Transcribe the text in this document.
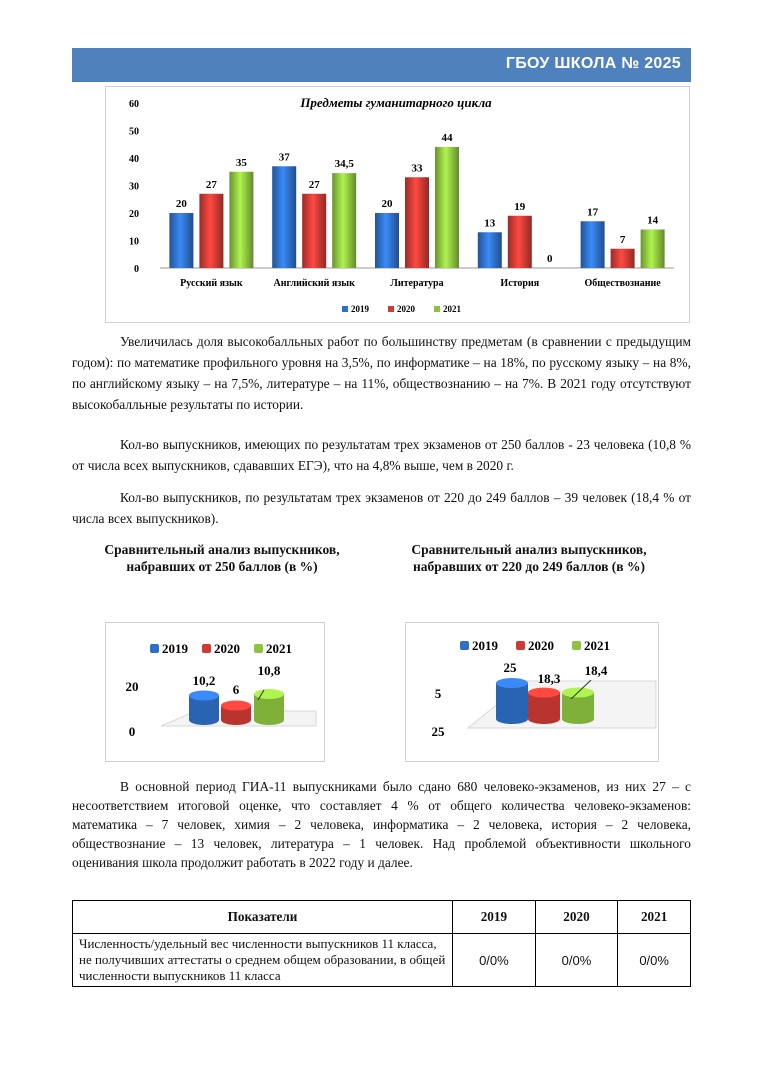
ГБОУ ШКОЛА № 2025
0
10
20
30
40
50
60	Предметы гуманитарного цикла
20
27
35
Русский язык
37
27
34,5
Английский язык
20
33
44
Литература
13
19
0
История
17
7
14
Обществознание
2019	2020	2021

Увеличилась доля высокобалльных работ по большинству предметам (в сравнении с предыдущим годом): по математике профильного уровня на 3,5%, по информатике – на 18%, по русскому языку – на 8%, по английскому языку – на 7,5%, литературе – на 11%, обществознанию – на 7%. В 2021 году отсутствуют высокобалльные результаты по истории.

Кол-во выпускников, имеющих по результатам трех экзаменов от 250 баллов - 23 человека (10,8 % от числа всех выпускников, сдававших ЕГЭ), что на 4,8% выше, чем в 2020 г.

Кол-во выпускников, по результатам трех экзаменов от 220 до 249 баллов – 39 человек (18,4 % от числа всех выпускников).

Сравнительный анализ выпускников, набравших от 250 баллов (в %)
Сравнительный анализ выпускников, набравших от 220 до 249 баллов (в %)
2019 2020 2021
0
20	10,2
6
10,8
2019 2020 2021
5
25
25
18,3
18,4

В основной период ГИА-11 выпускниками было сдано 680 человеко-экзаменов, из них 27 – с несоответствием итоговой оценке, что составляет 4 % от общего количества человеко-экзаменов: математика – 7 человек, химия – 2 человека, информатика – 2 человека, история – 2 человека, обществознание – 13 человек, литература – 1 человек. Над проблемой объективности школьного оценивания школа продолжит работать в 2022 году и далее.

Показатели	2019	2020	2021
Численность/удельный вес численности выпускников 11 класса, не получивших аттестаты о среднем общем образовании, в общей численности выпускников 11 класса	0/0%	0/0%	0/0%
